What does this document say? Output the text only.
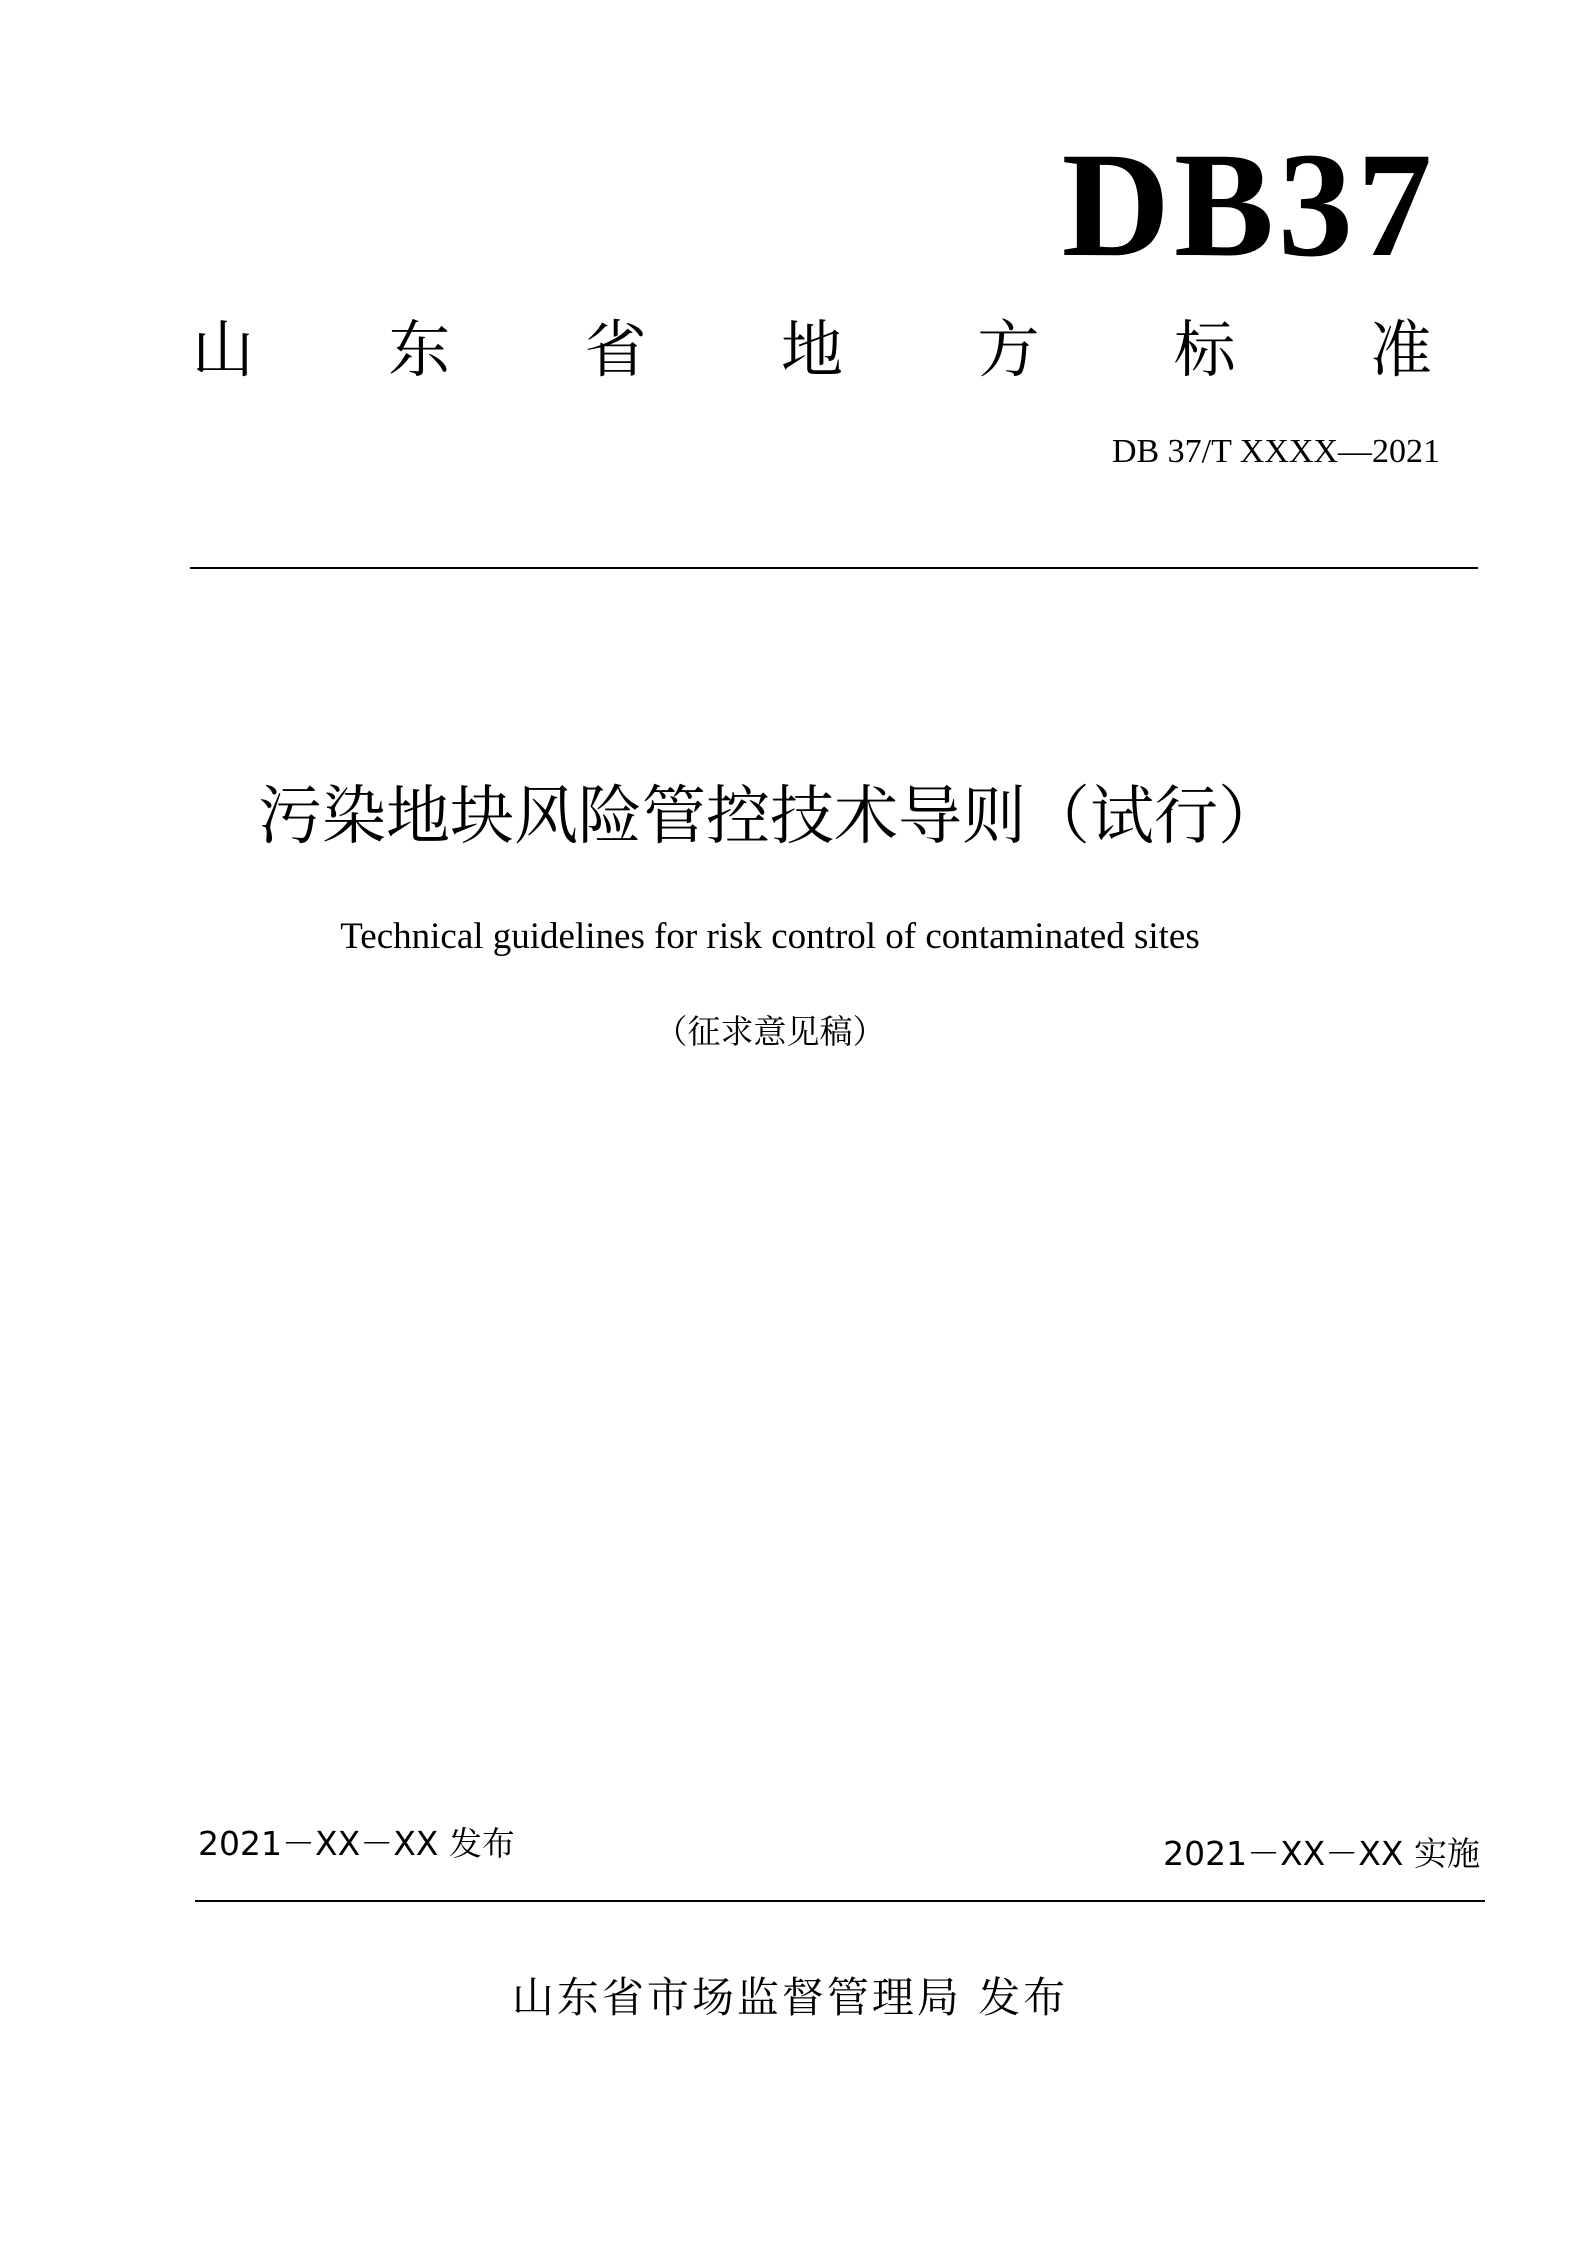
DB37
山 东 省 地 方 标 准
DB 37/T XXXX—2021
污染地块风险管控技术导则（试行）
Technical guidelines for risk control of contaminated sites
（征求意见稿）
2021－XX－XX 发布	2021－XX－XX 实施
山东省市场监督管理局 发布
